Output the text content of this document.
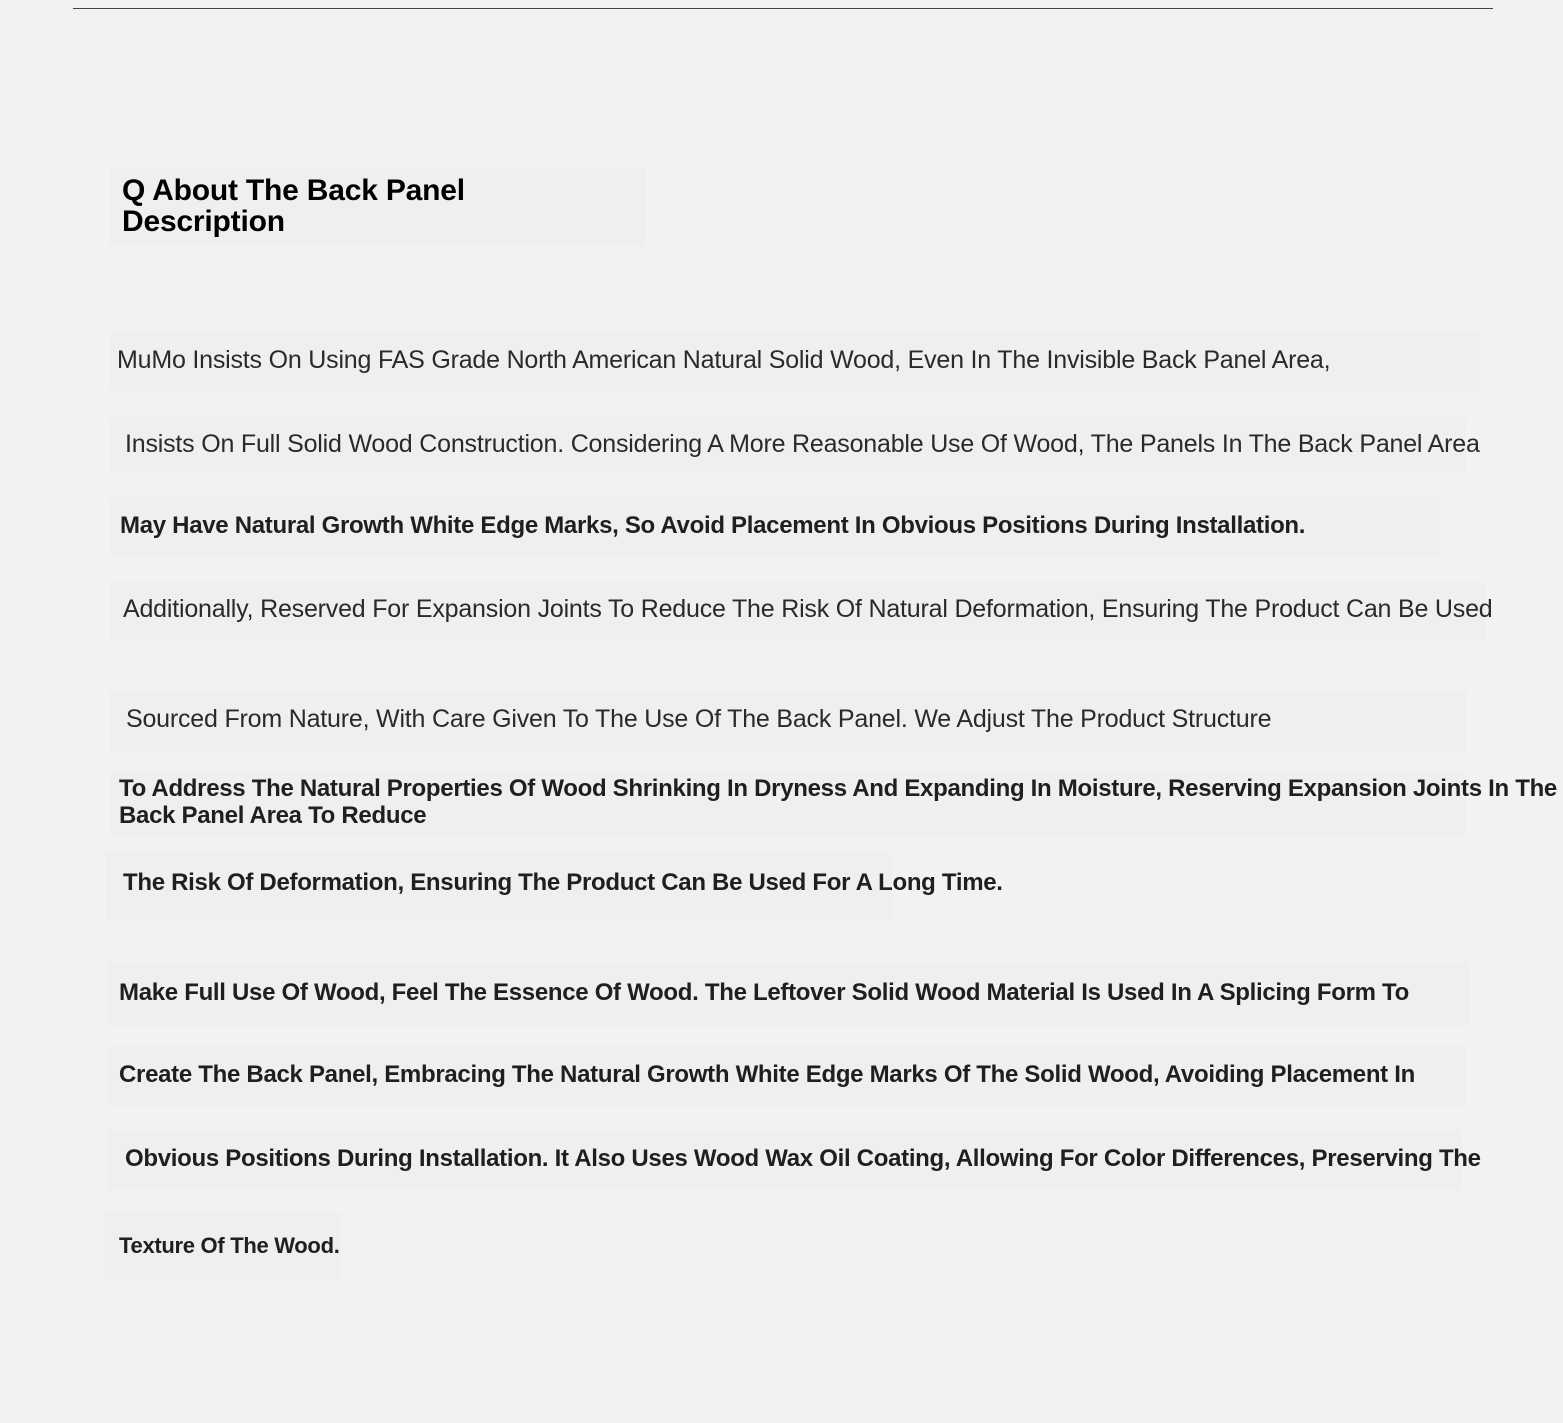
Q About The Back Panel Description
MuMo Insists On Using FAS Grade North American Natural Solid Wood, Even In The Invisible Back Panel Area,
Insists On Full Solid Wood Construction. Considering A More Reasonable Use Of Wood, The Panels In The Back Panel Area
May Have Natural Growth White Edge Marks, So Avoid Placement In Obvious Positions During Installation.
Additionally, Reserved For Expansion Joints To Reduce The Risk Of Natural Deformation, Ensuring The Product Can Be Used
Sourced From Nature, With Care Given To The Use Of The Back Panel. We Adjust The Product Structure
To Address The Natural Properties Of Wood Shrinking In Dryness And Expanding In Moisture, Reserving Expansion Joints In The Back Panel Area To Reduce
The Risk Of Deformation, Ensuring The Product Can Be Used For A Long Time.
Make Full Use Of Wood, Feel The Essence Of Wood. The Leftover Solid Wood Material Is Used In A Splicing Form To
Create The Back Panel, Embracing The Natural Growth White Edge Marks Of The Solid Wood, Avoiding Placement In
Obvious Positions During Installation. It Also Uses Wood Wax Oil Coating, Allowing For Color Differences, Preserving The
Texture Of The Wood.
